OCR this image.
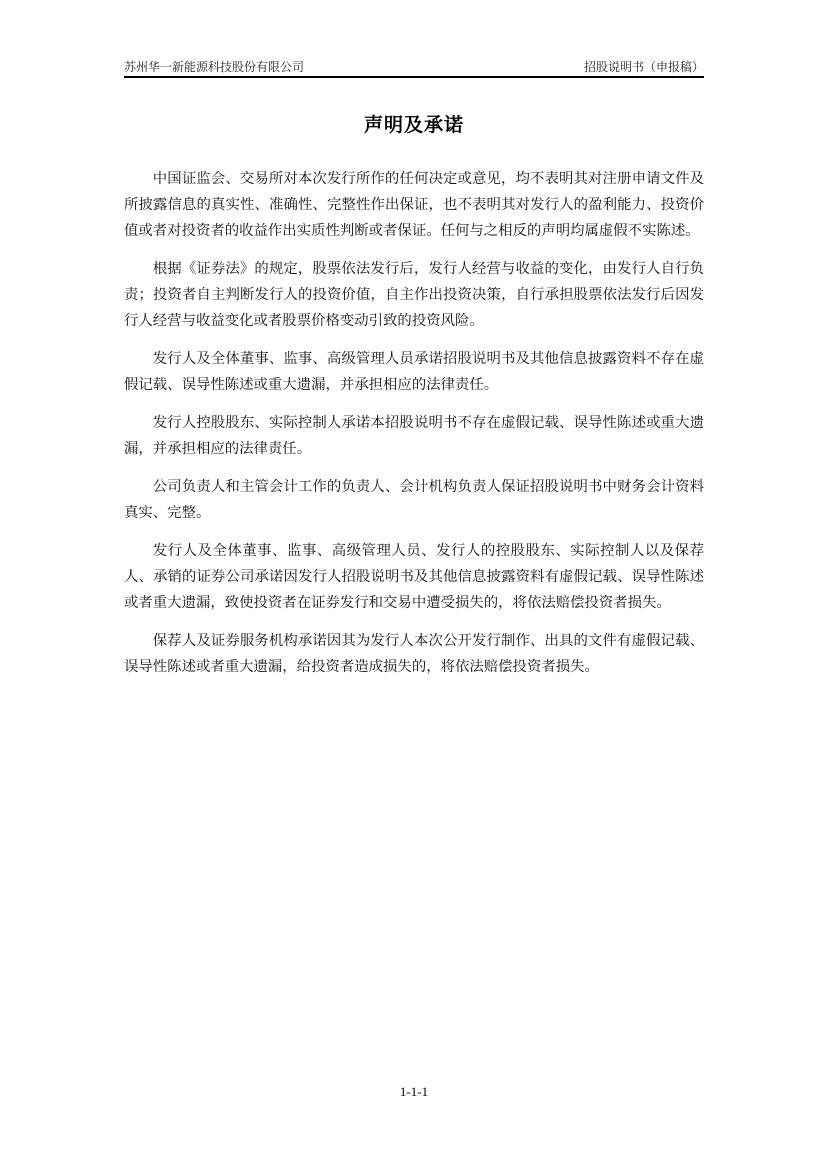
苏州华一新能源科技股份有限公司	招股说明书（申报稿）
声明及承诺

中国证监会、交易所对本次发行所作的任何决定或意见，均不表明其对注册申请文件及所披露信息的真实性、准确性、完整性作出保证，也不表明其对发行人的盈利能力、投资价值或者对投资者的收益作出实质性判断或者保证。任何与之相反的声明均属虚假不实陈述。

根据《证券法》的规定，股票依法发行后，发行人经营与收益的变化，由发行人自行负责；投资者自主判断发行人的投资价值，自主作出投资决策，自行承担股票依法发行后因发行人经营与收益变化或者股票价格变动引致的投资风险。

发行人及全体董事、监事、高级管理人员承诺招股说明书及其他信息披露资料不存在虚假记载、误导性陈述或重大遗漏，并承担相应的法律责任。

发行人控股股东、实际控制人承诺本招股说明书不存在虚假记载、误导性陈述或重大遗漏，并承担相应的法律责任。

公司负责人和主管会计工作的负责人、会计机构负责人保证招股说明书中财务会计资料真实、完整。

发行人及全体董事、监事、高级管理人员、发行人的控股股东、实际控制人以及保荐人、承销的证券公司承诺因发行人招股说明书及其他信息披露资料有虚假记载、误导性陈述或者重大遗漏，致使投资者在证券发行和交易中遭受损失的，将依法赔偿投资者损失。

保荐人及证券服务机构承诺因其为发行人本次公开发行制作、出具的文件有虚假记载、误导性陈述或者重大遗漏，给投资者造成损失的，将依法赔偿投资者损失。

1-1-1
